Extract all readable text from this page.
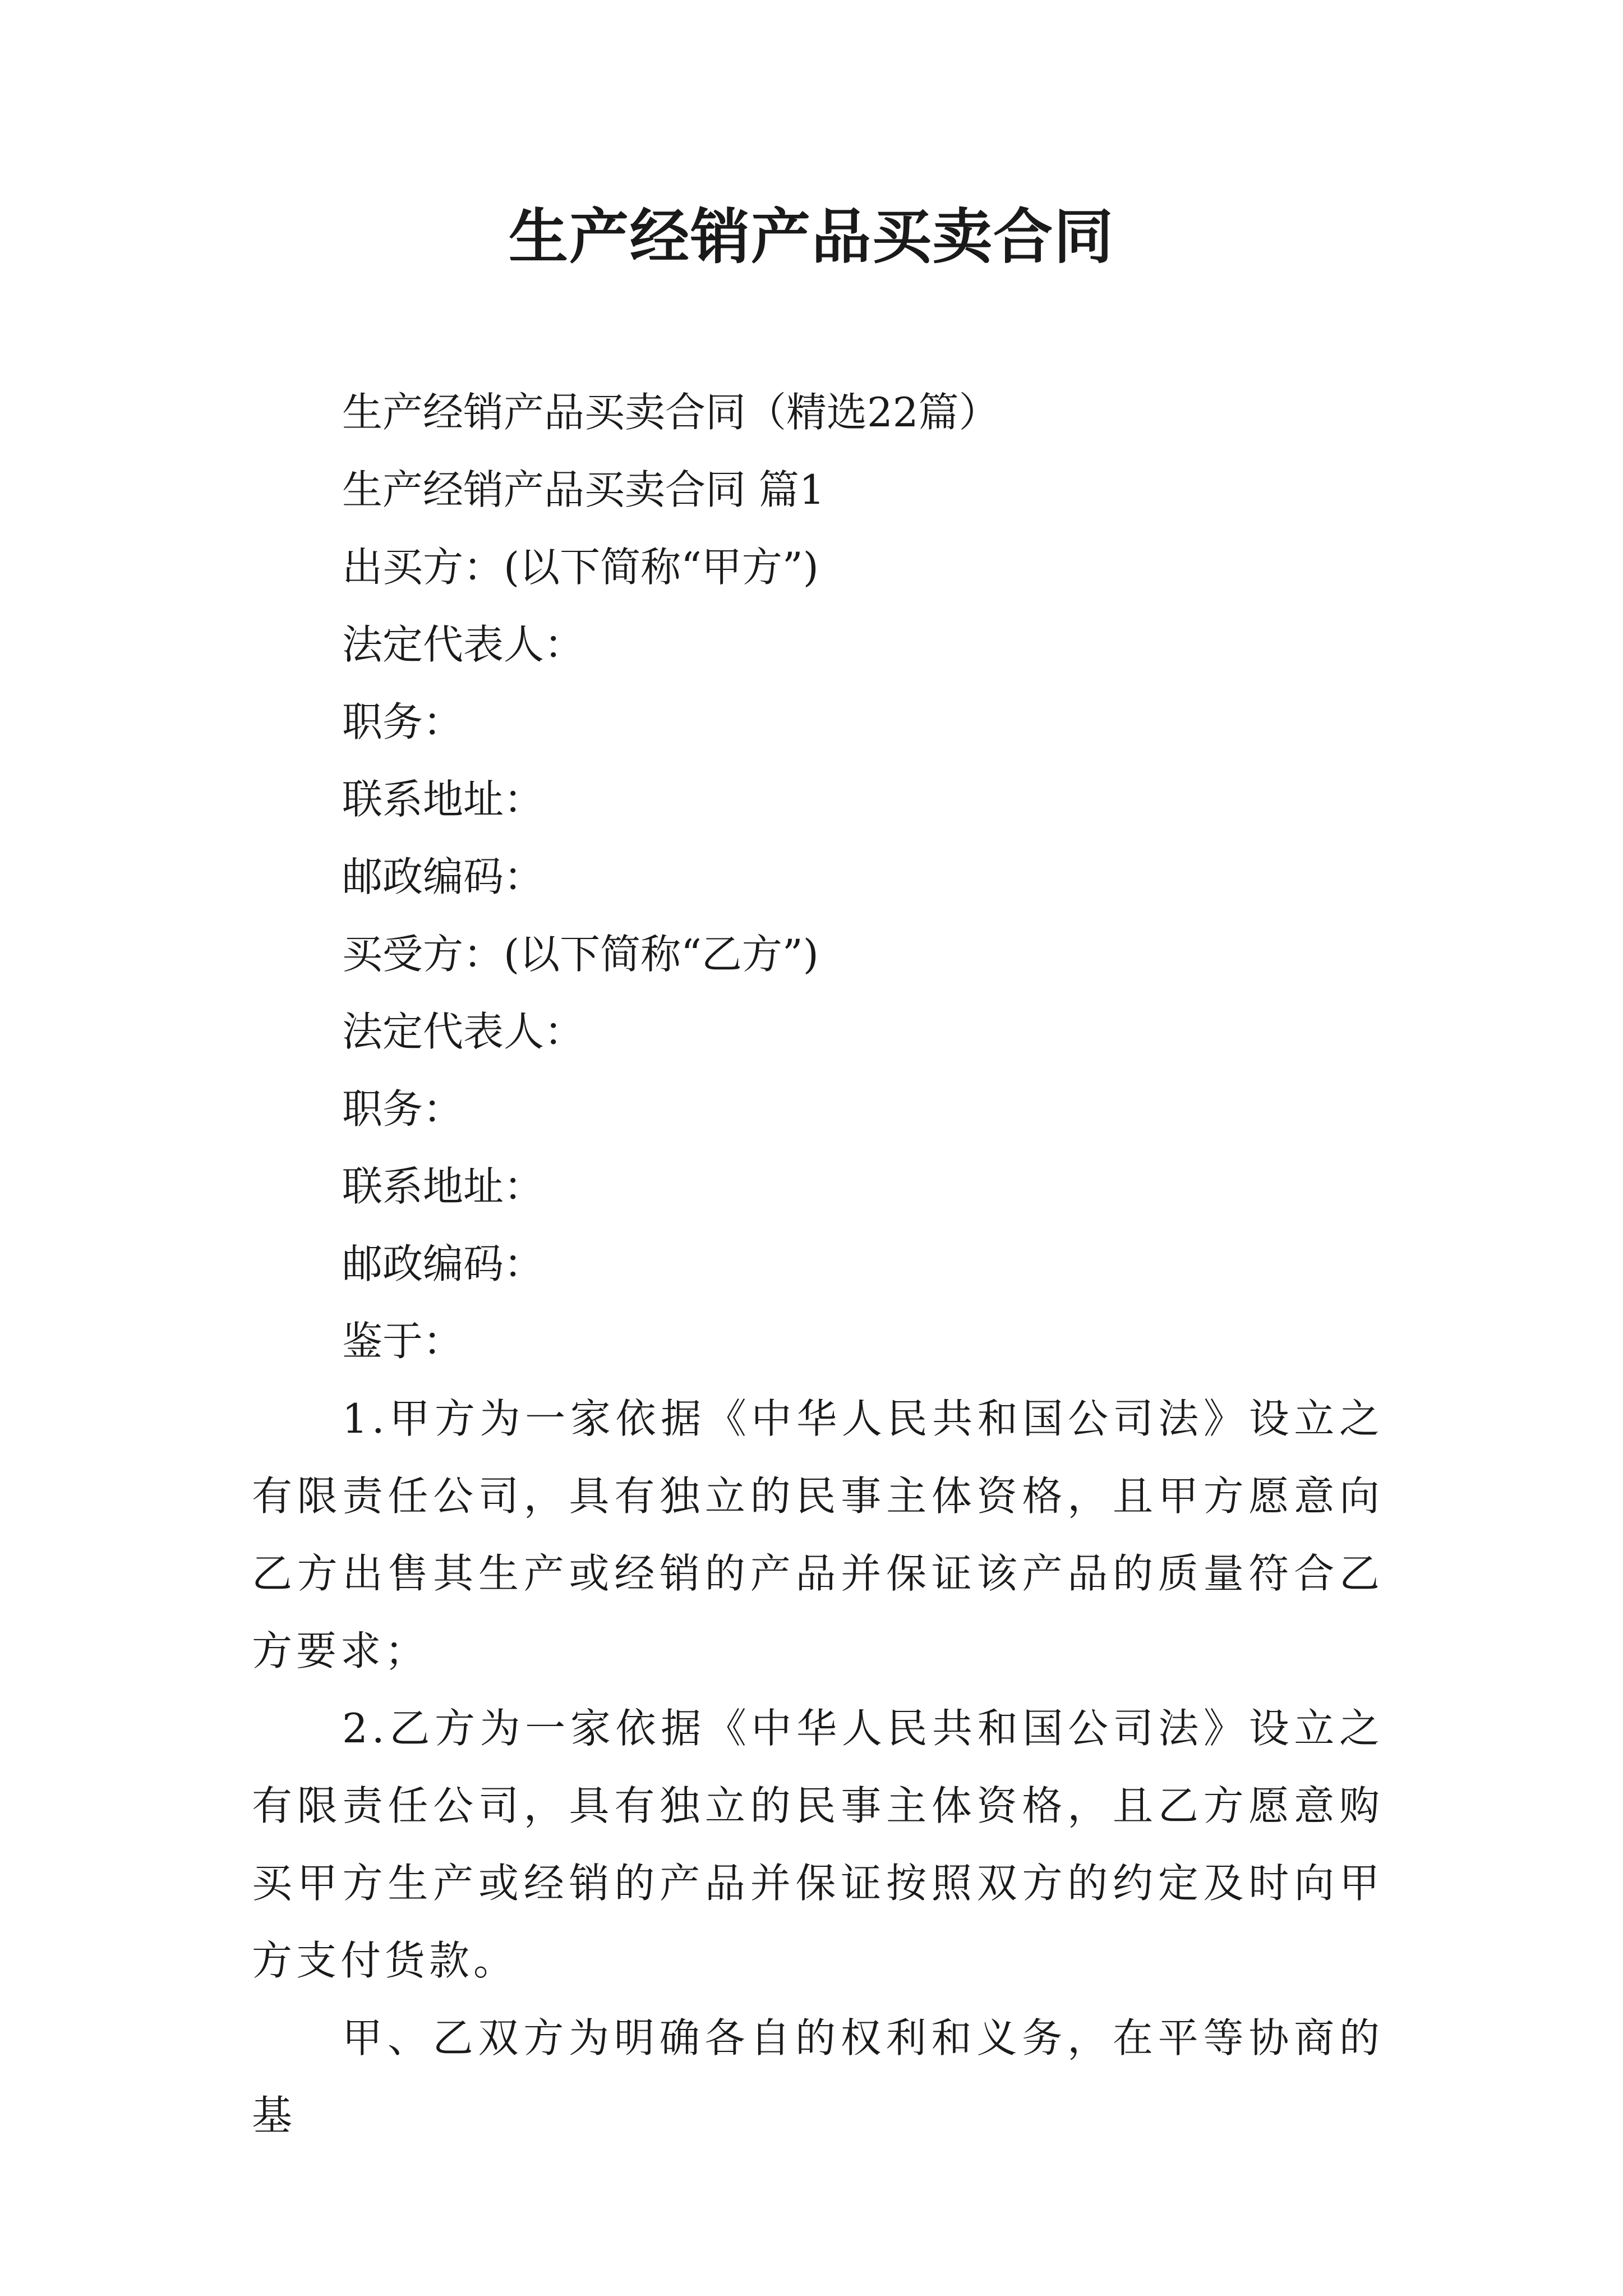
生产经销产品买卖合同

生产经销产品买卖合同（精选22篇）

生产经销产品买卖合同 篇1

出买方：(以下简称“甲方”)

法定代表人：

职务：

联系地址：

邮政编码：

买受方：(以下简称“乙方”)

法定代表人：

职务：

联系地址：

邮政编码：

鉴于：

1.甲方为一家依据《中华人民共和国公司法》设立之有限责任公司，具有独立的民事主体资格，且甲方愿意向乙方出售其生产或经销的产品并保证该产品的质量符合乙方要求；

2.乙方为一家依据《中华人民共和国公司法》设立之有限责任公司，具有独立的民事主体资格，且乙方愿意购买甲方生产或经销的产品并保证按照双方的约定及时向甲方支付货款。

甲、乙双方为明确各自的权利和义务，在平等协商的基
